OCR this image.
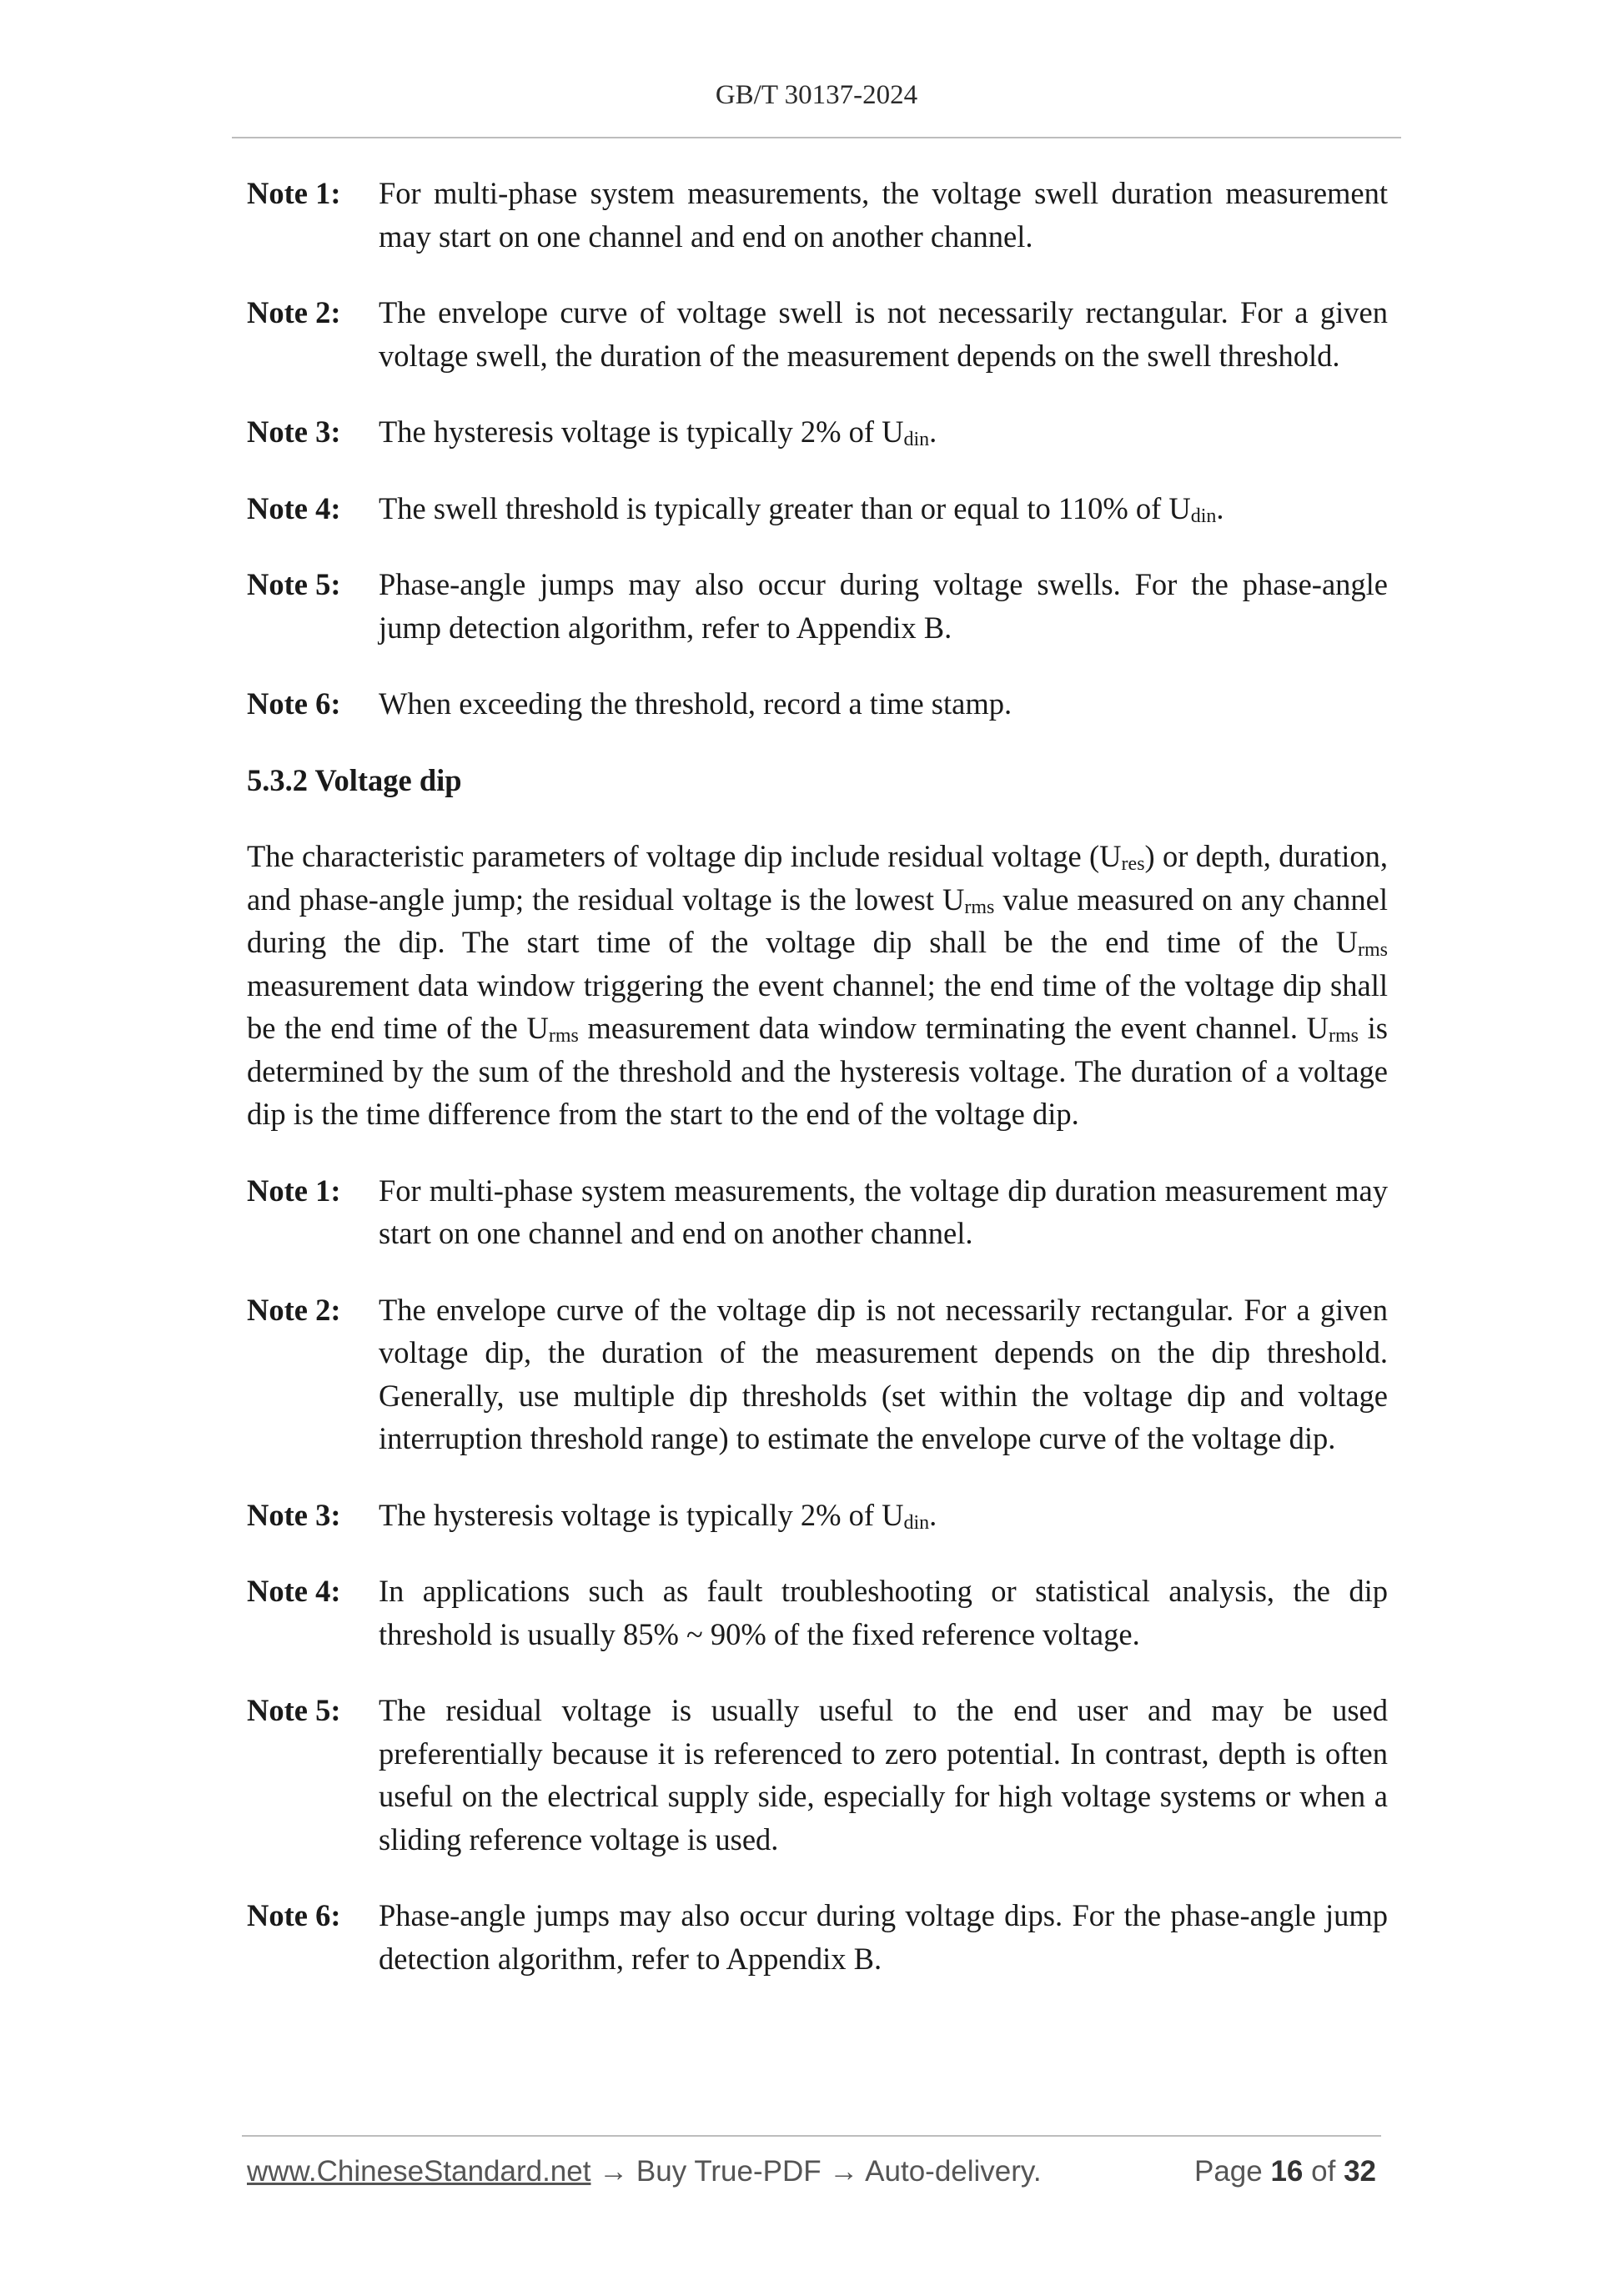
GB/T 30137-2024
Note 1:	For multi-phase system measurements, the voltage swell duration measurement may start on one channel and end on another channel.
Note 2:	The envelope curve of voltage swell is not necessarily rectangular. For a given voltage swell, the duration of the measurement depends on the swell threshold.
Note 3:	The hysteresis voltage is typically 2% of $U_{din}$.
Note 4:	The swell threshold is typically greater than or equal to 110% of $U_{din}$.
Note 5:	Phase-angle jumps may also occur during voltage swells. For the phase-angle jump detection algorithm, refer to Appendix B.
Note 6:	When exceeding the threshold, record a time stamp.
5.3.2 Voltage dip
The characteristic parameters of voltage dip include residual voltage $(U_{res})$ or depth, duration, and phase-angle jump; the residual voltage is the lowest $U_{rms}$ value measured on any channel during the dip. The start time of the voltage dip shall be the end time of the $U_{rms}$ measurement data window triggering the event channel; the end time of the voltage dip shall be the end time of the $U_{rms}$ measurement data window terminating the event channel. $U_{rms}$ is determined by the sum of the threshold and the hysteresis voltage. The duration of a voltage dip is the time difference from the start to the end of the voltage dip.
Note 1:	For multi-phase system measurements, the voltage dip duration measurement may start on one channel and end on another channel.
Note 2:	The envelope curve of the voltage dip is not necessarily rectangular. For a given voltage dip, the duration of the measurement depends on the dip threshold. Generally, use multiple dip thresholds (set within the voltage dip and voltage interruption threshold range) to estimate the envelope curve of the voltage dip.
Note 3:	The hysteresis voltage is typically 2% of $U_{din}$.
Note 4:	In applications such as fault troubleshooting or statistical analysis, the dip threshold is usually 85% ~ 90% of the fixed reference voltage.
Note 5:	The residual voltage is usually useful to the end user and may be used preferentially because it is referenced to zero potential. In contrast, depth is often useful on the electrical supply side, especially for high voltage systems or when a sliding reference voltage is used.
Note 6:	Phase-angle jumps may also occur during voltage dips. For the phase-angle jump detection algorithm, refer to Appendix B.
www.ChineseStandard.net → Buy True-PDF → Auto-delivery.	Page 16 of 32
